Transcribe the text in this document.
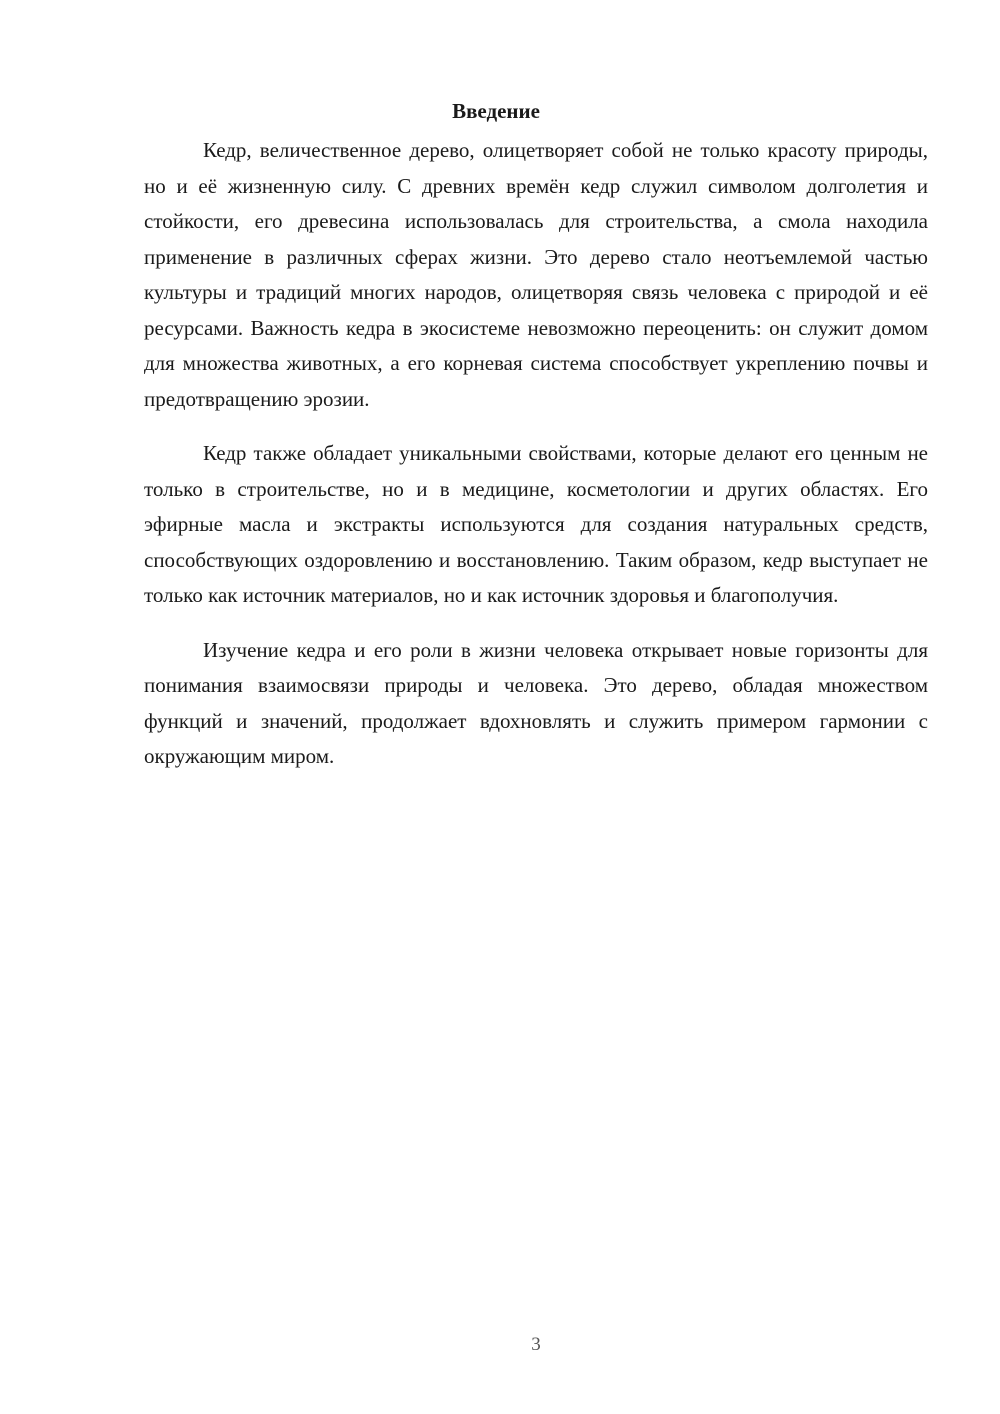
Введение

Кедр, величественное дерево, олицетворяет собой не только красоту природы, но и её жизненную силу. С древних времён кедр служил символом долголетия и стойкости, его древесина использовалась для строительства, а смола находила применение в различных сферах жизни. Это дерево стало неотъемлемой частью культуры и традиций многих народов, олицетворяя связь человека с природой и её ресурсами. Важность кедра в экосистеме невозможно переоценить: он служит домом для множества животных, а его корневая система способствует укреплению почвы и предотвращению эрозии.

Кедр также обладает уникальными свойствами, которые делают его ценным не только в строительстве, но и в медицине, косметологии и других областях. Его эфирные масла и экстракты используются для создания натуральных средств, способствующих оздоровлению и восстановлению. Таким образом, кедр выступает не только как источник материалов, но и как источник здоровья и благополучия.

Изучение кедра и его роли в жизни человека открывает новые горизонты для понимания взаимосвязи природы и человека. Это дерево, обладая множеством функций и значений, продолжает вдохновлять и служить примером гармонии с окружающим миром.

3
